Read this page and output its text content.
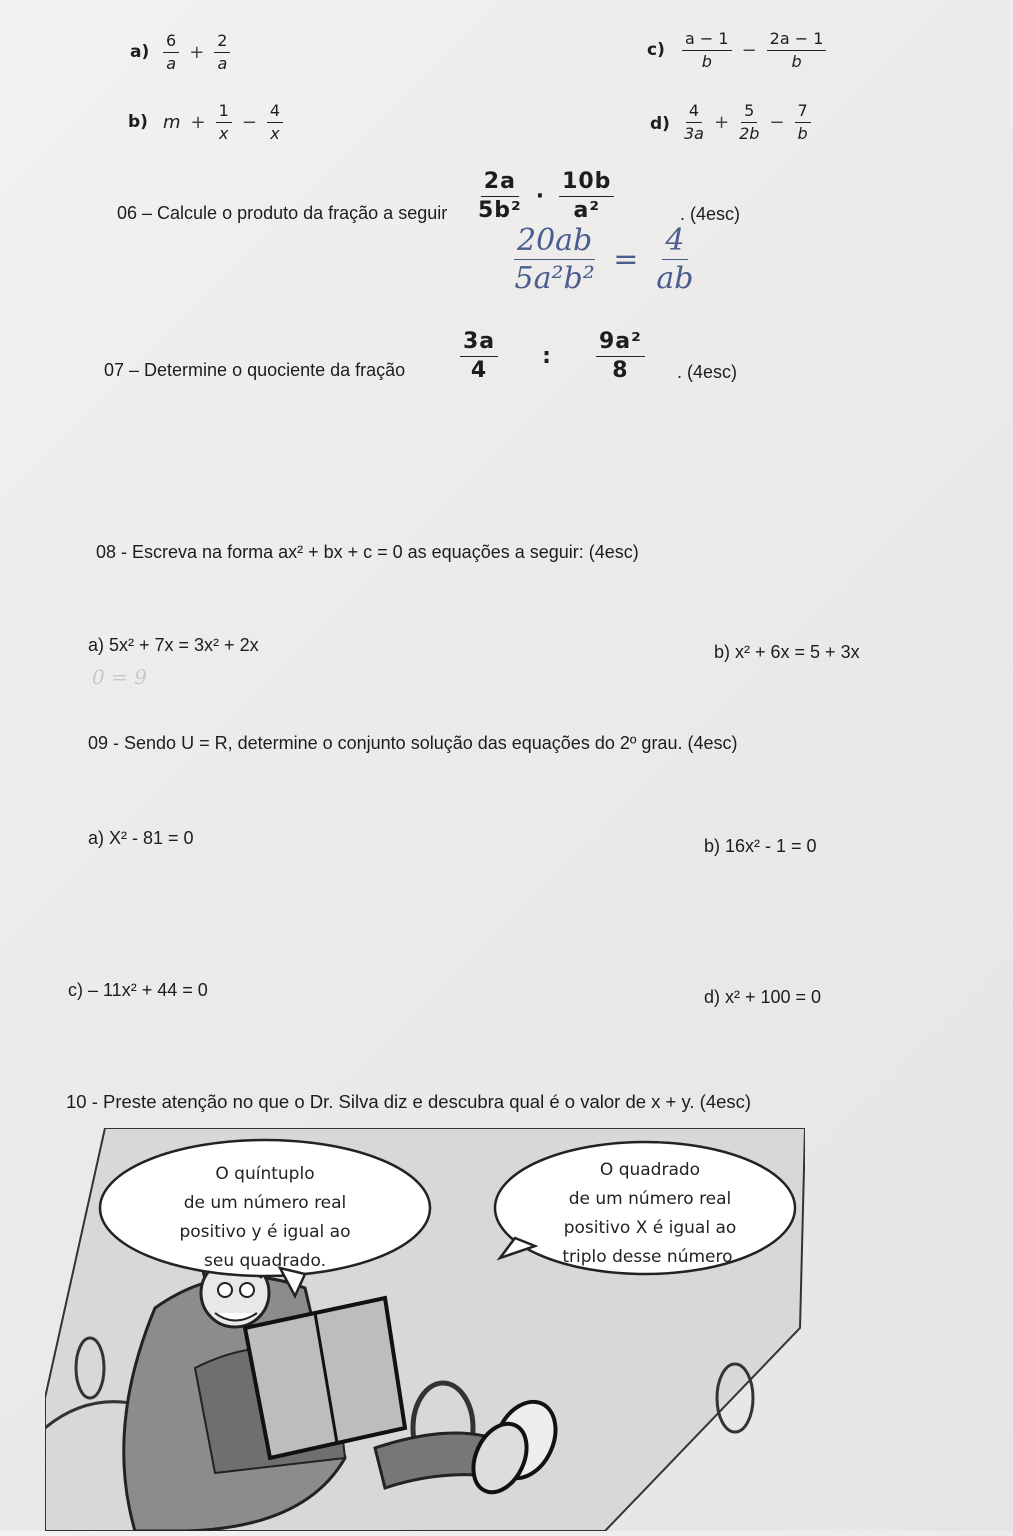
$a) \frac{6}{a} + \frac{2}{a}$	$c) \frac{a - 1}{b} - \frac{2a - 1}{b}$
b) $m + \frac{1}{x} - \frac{4}{x}$	$d) \frac{4}{3a} + \frac{5}{2b} - \frac{7}{b}$
06 – Calcule o produto da fração a seguir $\frac{2a}{\text{5b²}} \cdot \frac{10b}{\text{a²}}$	. (4esc)
$\frac{20ab}{\text{5a²b²}} = \frac{4}{ab}$
07 – Determine o quociente da fração $\frac{3a}{4}$ : $\frac{\text{9a²}}{8}$ . (4esc)
08 - Escreva na forma ax² + bx + c = 0 as equações a seguir: (4esc)
a) 5x² + 7x = 3x² + 2x	b) x² + 6x = 5 + 3x
0 = 9
09 - Sendo U = R, determine o conjunto solução das equações do 2º grau. (4esc)
a) X² - 81 = 0	b) 16x² - 1 = 0
c) – 11x² + 44 = 0	d) x² + 100 = 0
10 - Preste atenção no que o Dr. Silva diz e descubra qual é o valor de x + y. (4esc)
O quíntuplo
de um número real
positivo y é igual ao
seu quadrado.
O quadrado
de um número real
positivo X é igual ao
triplo desse número.
